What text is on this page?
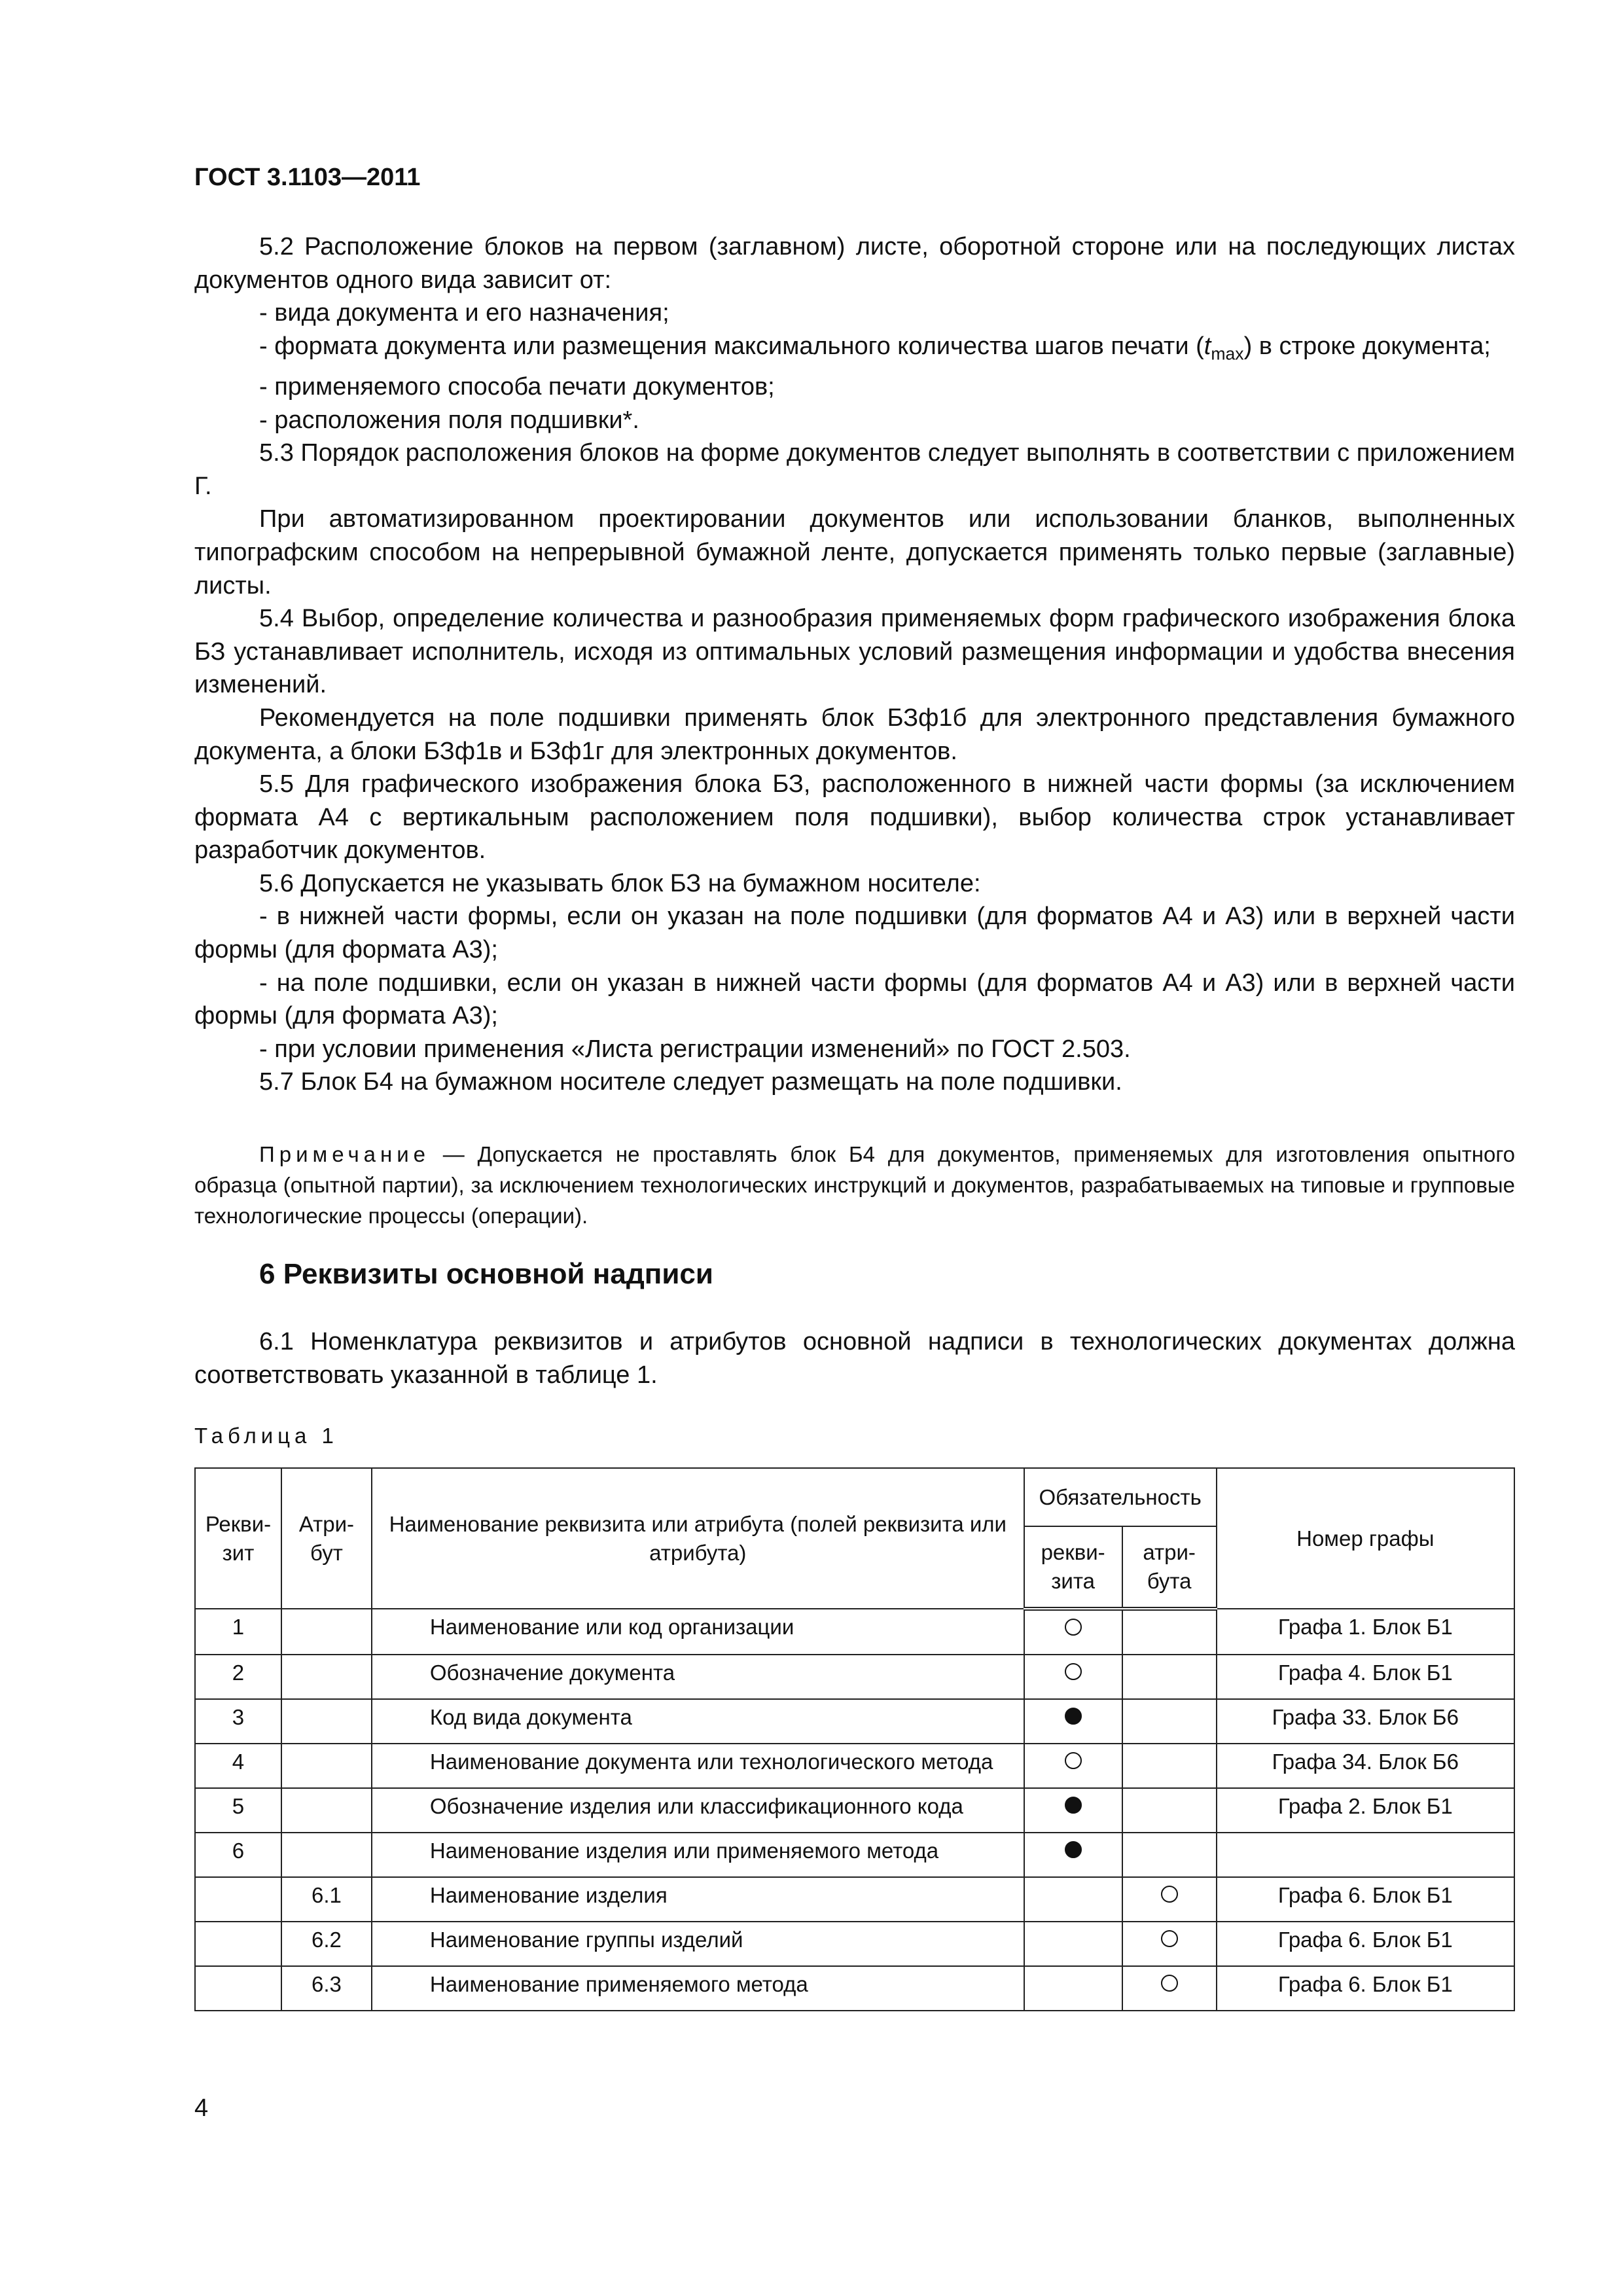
ГОСТ 3.1103—2011

5.2 Расположение блоков на первом (заглавном) листе, оборотной стороне или на последующих листах документов одного вида зависит от:

- вида документа и его назначения;

- формата документа или размещения максимального количества шагов печати $(t_{max})$ в строке документа;

- применяемого способа печати документов;

- расположения поля подшивки*.

5.3 Порядок расположения блоков на форме документов следует выполнять в соответствии с приложением Г.

При автоматизированном проектировании документов или использовании бланков, выполненных типографским способом на непрерывной бумажной ленте, допускается применять только первые (заглавные) листы.

5.4 Выбор, определение количества и разнообразия применяемых форм графического изображения блока БЗ устанавливает исполнитель, исходя из оптимальных условий размещения информации и удобства внесения изменений.

Рекомендуется на поле подшивки применять блок БЗф1б для электронного представления бумажного документа, а блоки БЗф1в и БЗф1г для электронных документов.

5.5 Для графического изображения блока БЗ, расположенного в нижней части формы (за исключением формата А4 с вертикальным расположением поля подшивки), выбор количества строк устанавливает разработчик документов.

5.6 Допускается не указывать блок БЗ на бумажном носителе:

- в нижней части формы, если он указан на поле подшивки (для форматов А4 и А3) или в верхней части формы (для формата А3);

- на поле подшивки, если он указан в нижней части формы (для форматов А4 и А3) или в верхней части формы (для формата А3);

- при условии применения «Листа регистрации изменений» по ГОСТ 2.503.

5.7 Блок Б4 на бумажном носителе следует размещать на поле подшивки.

Примечание — Допускается не проставлять блок Б4 для документов, применяемых для изготовления опытного образца (опытной партии), за исключением технологических инструкций и документов, разрабатываемых на типовые и групповые технологические процессы (операции).
6 Реквизиты основной надписи
6.1 Номенклатура реквизитов и атрибутов основной надписи в технологических документах должна соответствовать указанной в таблице 1.
Таблица 1
Рекви-зит	Атри-бут	Наименование реквизита или атрибута (полей реквизита или атрибута)	Обязательность		Номер графы
			рекви-зита	атри-бута	
1		Наименование или код организации			Графа 1. Блок Б1
2		Обозначение документа			Графа 4. Блок Б1
3		Код вида документа			Графа 33. Блок Б6
4		Наименование документа или технологического метода			Графа 34. Блок Б6
5		Обозначение изделия или классификационного кода			Графа 2. Блок Б1
6		Наименование изделия или применяемого метода			
	6.1	Наименование изделия			Графа 6. Блок Б1
	6.2	Наименование группы изделий			Графа 6. Блок Б1
	6.3	Наименование применяемого метода			Графа 6. Блок Б1
4
